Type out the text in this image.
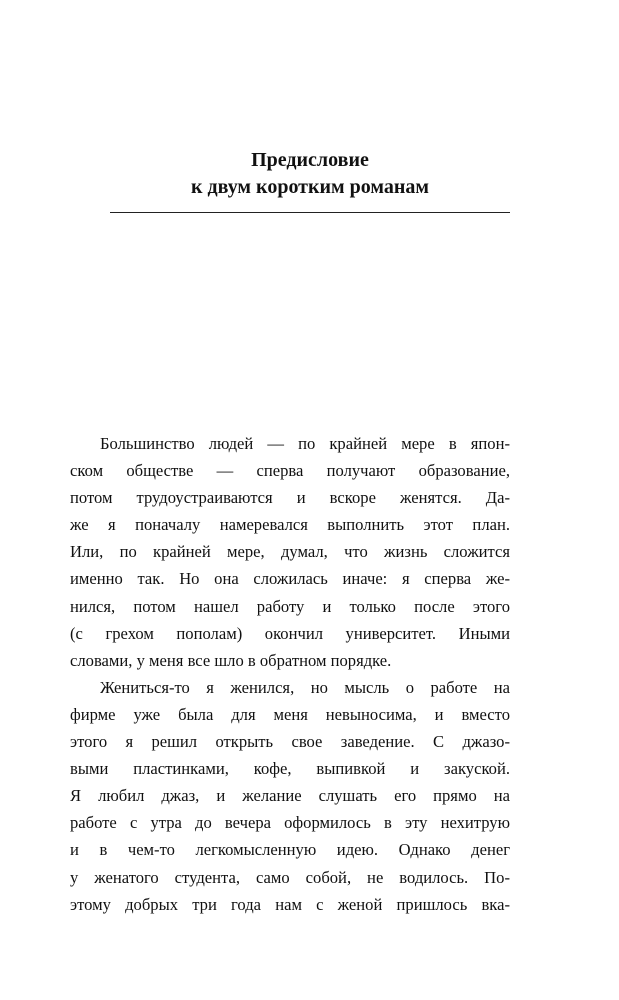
Предисловие
к двум коротким романам

Большинство людей — по крайней мере в япон-
ском обществе — сперва получают образование,
потом трудоустраиваются и вскоре женятся. Да-
же я поначалу намеревался выполнить этот план.
Или, по крайней мере, думал, что жизнь сложится
именно так. Но она сложилась иначе: я сперва же-
нился, потом нашел работу и только после этого
(с грехом пополам) окончил университет. Иными
словами, у меня все шло в обратном порядке.

Жениться-то я женился, но мысль о работе на
фирме уже была для меня невыносима, и вместо
этого я решил открыть свое заведение. С джазо-
выми пластинками, кофе, выпивкой и закуской.
Я любил джаз, и желание слушать его прямо на
работе с утра до вечера оформилось в эту нехитрую
и в чем-то легкомысленную идею. Однако денег
у женатого студента, само собой, не водилось. По-
этому добрых три года нам с женой пришлось вка-
